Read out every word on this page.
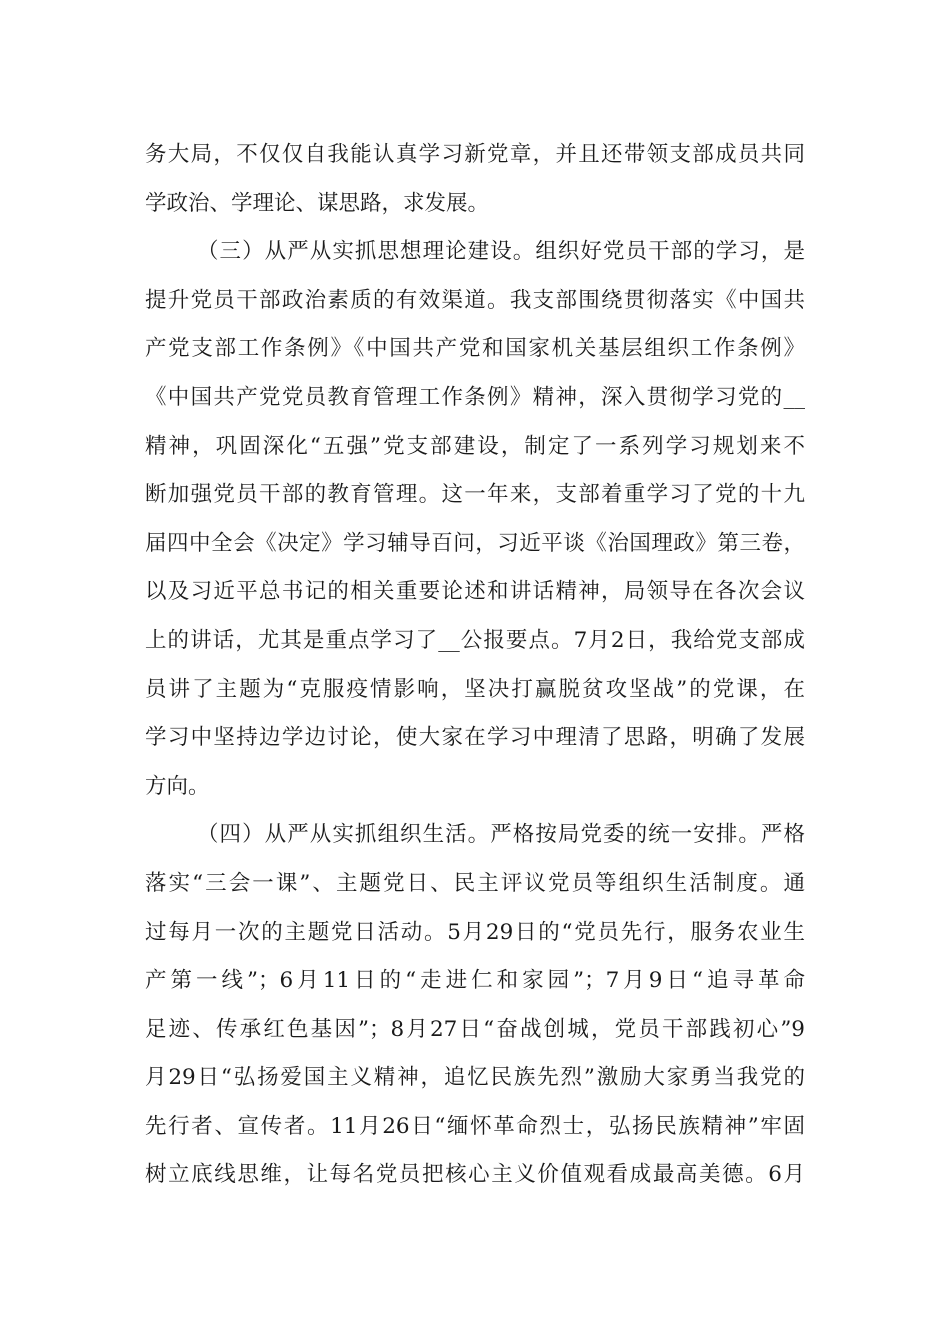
务大局，不仅仅自我能认真学习新党章，并且还带领支部成员共同
学政治、学理论、谋思路，求发展。
（三）从严从实抓思想理论建设。组织好党员干部的学习，是
提升党员干部政治素质的有效渠道。我支部围绕贯彻落实《中国共
产党支部工作条例》《中国共产党和国家机关基层组织工作条例》
《中国共产党党员教育管理工作条例》精神，深入贯彻学习党的__
精神，巩固深化“五强”党支部建设，制定了一系列学习规划来不
断加强党员干部的教育管理。这一年来，支部着重学习了党的十九
届四中全会《决定》学习辅导百问，习近平谈《治国理政》第三卷，
以及习近平总书记的相关重要论述和讲话精神，局领导在各次会议
上的讲话，尤其是重点学习了__公报要点。7月2日，我给党支部成
员讲了主题为“克服疫情影响，坚决打赢脱贫攻坚战”的党课，在
学习中坚持边学边讨论，使大家在学习中理清了思路，明确了发展
方向。
（四）从严从实抓组织生活。严格按局党委的统一安排。严格
落实“三会一课”、主题党日、民主评议党员等组织生活制度。通
过每月一次的主题党日活动。5月29日的“党员先行，服务农业生
产第一线”；6月11日的“走进仁和家园”；7月9日“追寻革命
足迹、传承红色基因”；8月27日“奋战创城，党员干部践初心”9
月29日“弘扬爱国主义精神，追忆民族先烈”激励大家勇当我党的
先行者、宣传者。11月26日“缅怀革命烈士，弘扬民族精神”牢固
树立底线思维，让每名党员把核心主义价值观看成最高美德。6月
